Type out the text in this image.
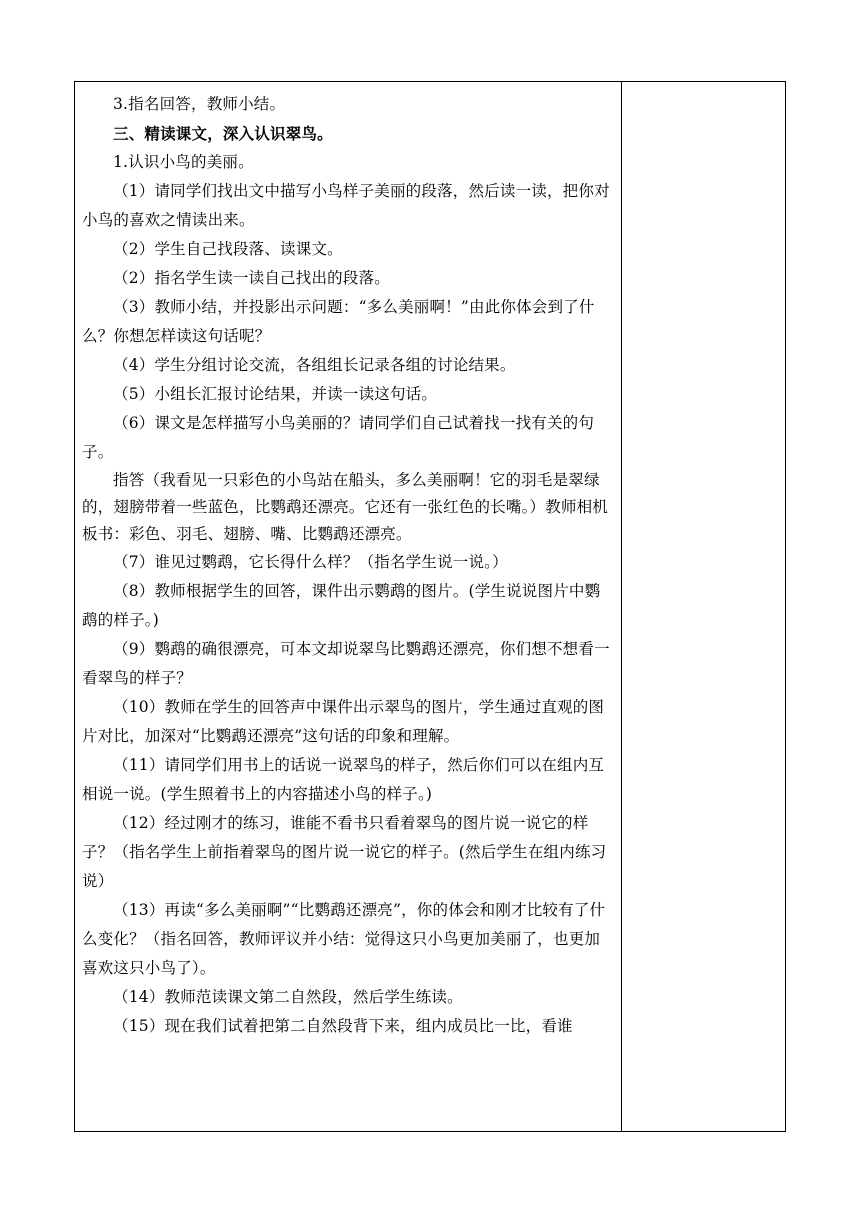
3.指名回答，教师小结。

三、精读课文，深入认识翠鸟。

1.认识小鸟的美丽。

（1）请同学们找出文中描写小鸟样子美丽的段落，然后读一读，把你对小鸟的喜欢之情读出来。

（2）学生自己找段落、读课文。

（2）指名学生读一读自己找出的段落。

（3）教师小结，并投影出示问题：“多么美丽啊！”由此你体会到了什么？你想怎样读这句话呢？

（4）学生分组讨论交流，各组组长记录各组的讨论结果。

（5）小组长汇报讨论结果，并读一读这句话。

（6）课文是怎样描写小鸟美丽的？请同学们自己试着找一找有关的句子。

指答（我看见一只彩色的小鸟站在船头，多么美丽啊！它的羽毛是翠绿的，翅膀带着一些蓝色，比鹦鹉还漂亮。它还有一张红色的长嘴。）教师相机板书：彩色、羽毛、翅膀、嘴、比鹦鹉还漂亮。

（7）谁见过鹦鹉，它长得什么样？（指名学生说一说。）

（8）教师根据学生的回答，课件出示鹦鹉的图片。(学生说说图片中鹦鹉的样子。)

（9）鹦鹉的确很漂亮，可本文却说翠鸟比鹦鹉还漂亮，你们想不想看一看翠鸟的样子？

（10）教师在学生的回答声中课件出示翠鸟的图片，学生通过直观的图片对比，加深对“比鹦鹉还漂亮”这句话的印象和理解。

（11）请同学们用书上的话说一说翠鸟的样子，然后你们可以在组内互相说一说。(学生照着书上的内容描述小鸟的样子。)

（12）经过刚才的练习，谁能不看书只看着翠鸟的图片说一说它的样子？（指名学生上前指着翠鸟的图片说一说它的样子。(然后学生在组内练习说）

（13）再读“多么美丽啊”“比鹦鹉还漂亮”，你的体会和刚才比较有了什么变化？（指名回答，教师评议并小结：觉得这只小鸟更加美丽了，也更加喜欢这只小鸟了）。

（14）教师范读课文第二自然段，然后学生练读。

（15）现在我们试着把第二自然段背下来，组内成员比一比，看谁
